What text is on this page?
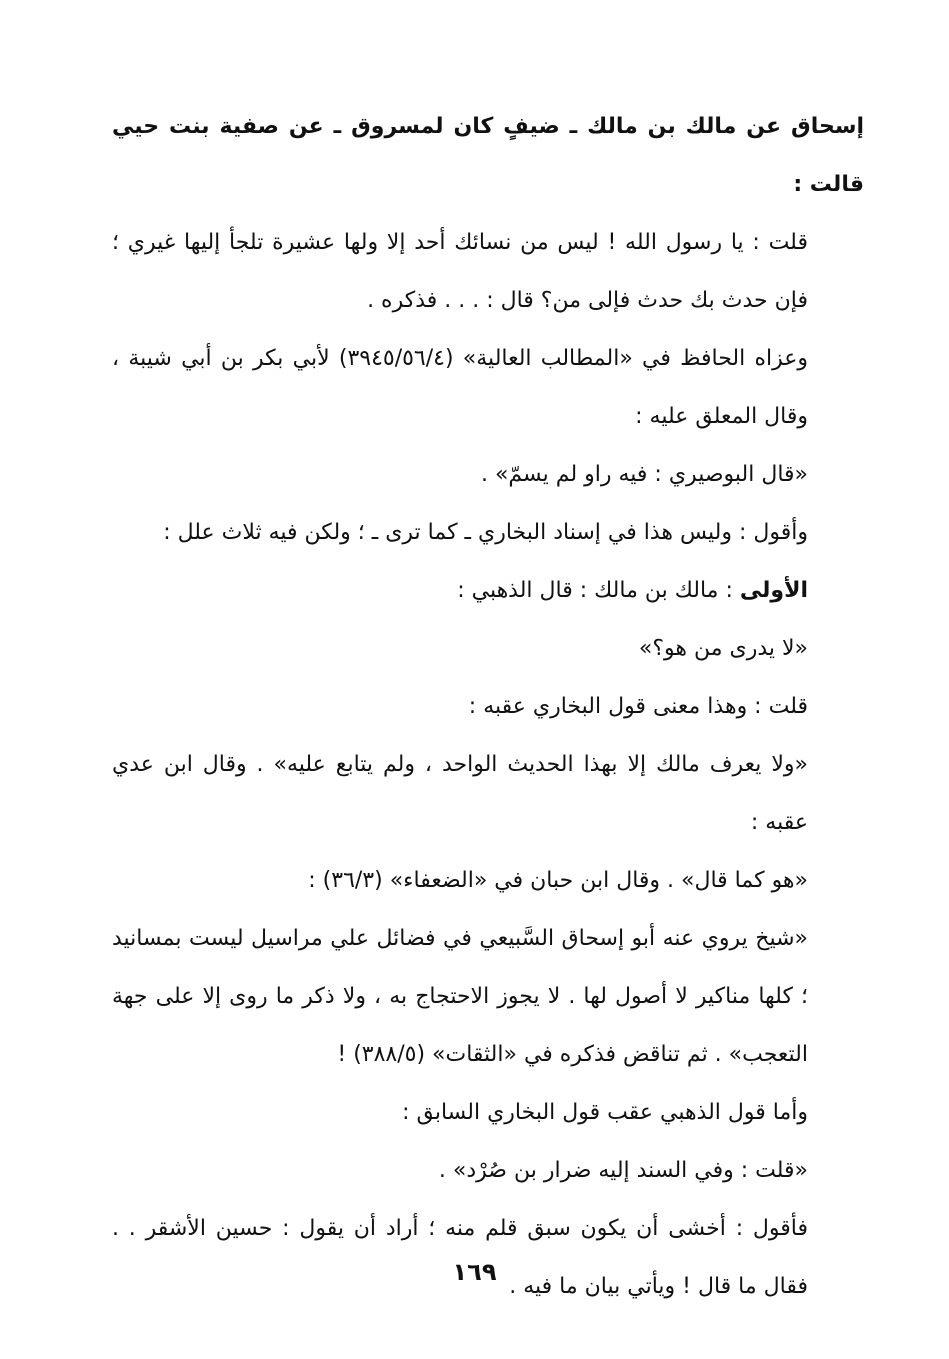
إسحاق عن مالك بن مالك ـ ضيفٍ كان لمسروق ـ عن صفية بنت حيي قالت :

قلت : يا رسول الله ! ليس من نسائك أحد إلا ولها عشيرة تلجأ إليها غيري ؛ فإن حدث بك حدث فإلى من؟ قال : . . . فذكره .

وعزاه الحافظ في «المطالب العالية» (٣٩٤٥/٥٦/٤) لأبي بكر بن أبي شيبة ، وقال المعلق عليه :

«قال البوصيري : فيه راو لم يسمّ» .

وأقول : وليس هذا في إسناد البخاري ـ كما ترى ـ ؛ ولكن فيه ثلاث علل :

الأولى : مالك بن مالك : قال الذهبي :

«لا يدرى من هو؟»

قلت : وهذا معنى قول البخاري عقبه :

«ولا يعرف مالك إلا بهذا الحديث الواحد ، ولم يتابع عليه» . وقال ابن عدي عقبه :

«هو كما قال» . وقال ابن حبان في «الضعفاء» (٣٦/٣) :

«شيخ يروي عنه أبو إسحاق السَّبيعي في فضائل علي مراسيل ليست بمسانيد ؛ كلها مناكير لا أصول لها . لا يجوز الاحتجاج به ، ولا ذكر ما روى إلا على جهة التعجب» . ثم تناقض فذكره في «الثقات» (٣٨٨/٥) !

وأما قول الذهبي عقب قول البخاري السابق :

«قلت : وفي السند إليه ضرار بن صُرْد» .

فأقول : أخشى أن يكون سبق قلم منه ؛ أراد أن يقول : حسين الأشقر . . فقال ما قال ! ويأتي بيان ما فيه .

١٦٩
